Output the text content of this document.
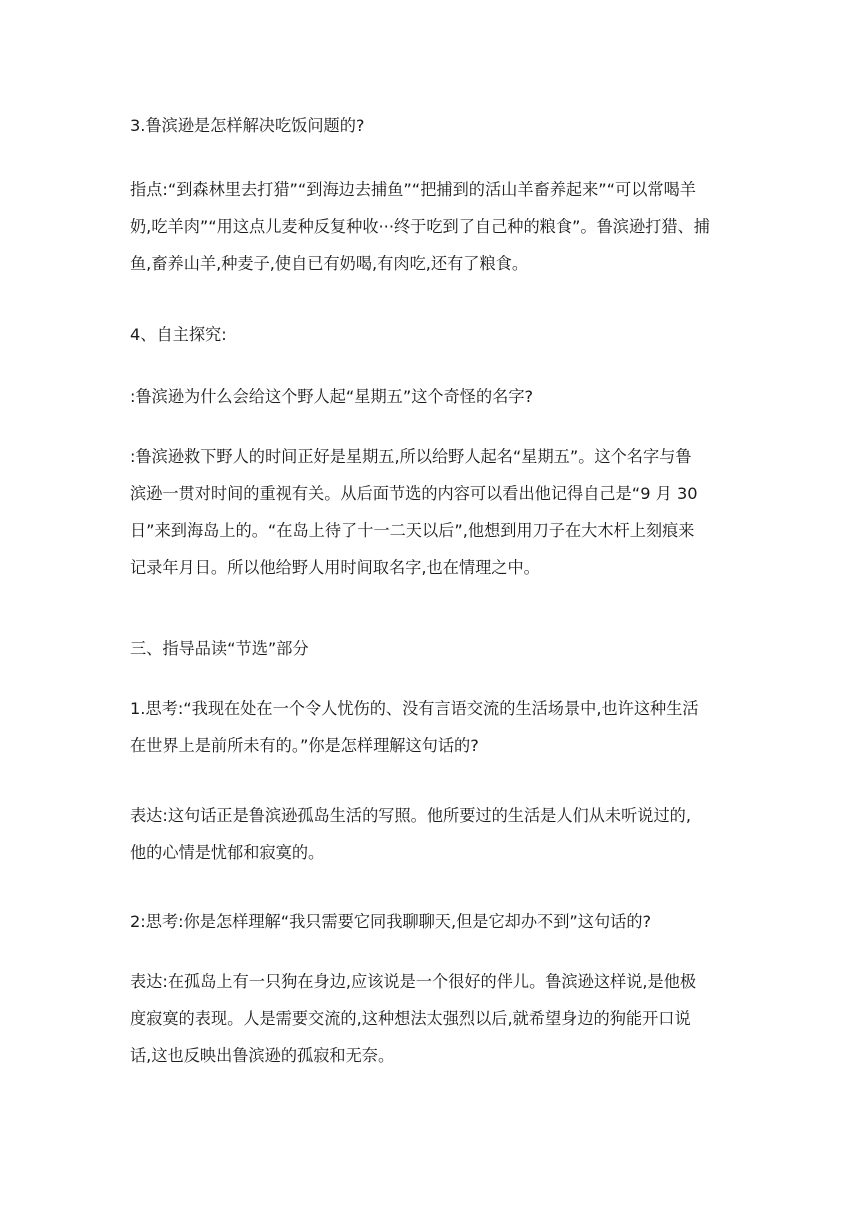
3.鲁滨逊是怎样解决吃饭问题的?

指点:“到森林里去打猎”“到海边去捕鱼”“把捕到的活山羊畜养起来”“可以常喝羊
奶,吃羊肉”“用这点儿麦种反复种收···终于吃到了自己种的粮食”。鲁滨逊打猎、捕
鱼,畜养山羊,种麦子,使自已有奶喝,有肉吃,还有了粮食。

4、自主探究:

:鲁滨逊为什么会给这个野人起“星期五”这个奇怪的名字?

:鲁滨逊救下野人的时间正好是星期五,所以给野人起名“星期五”。这个名字与鲁
滨逊一贯对时间的重视有关。从后面节选的内容可以看出他记得自己是“9 月 30
日”来到海岛上的。“在岛上待了十一二天以后”,他想到用刀子在大木杆上刻痕来
记录年月日。所以他给野人用时间取名字,也在情理之中。

三、指导品读“节选”部分

1.思考:“我现在处在一个令人忧伤的、没有言语交流的生活场景中,也许这种生活
在世界上是前所未有的。”你是怎样理解这句话的?

表达:这句话正是鲁滨逊孤岛生活的写照。他所要过的生活是人们从未听说过的,
他的心情是忧郁和寂寞的。

2:思考:你是怎样理解“我只需要它同我聊聊天,但是它却办不到”这句话的?

表达:在孤岛上有一只狗在身边,应该说是一个很好的伴儿。鲁滨逊这样说,是他极
度寂寞的表现。人是需要交流的,这种想法太强烈以后,就希望身边的狗能开口说
话,这也反映出鲁滨逊的孤寂和无奈。
